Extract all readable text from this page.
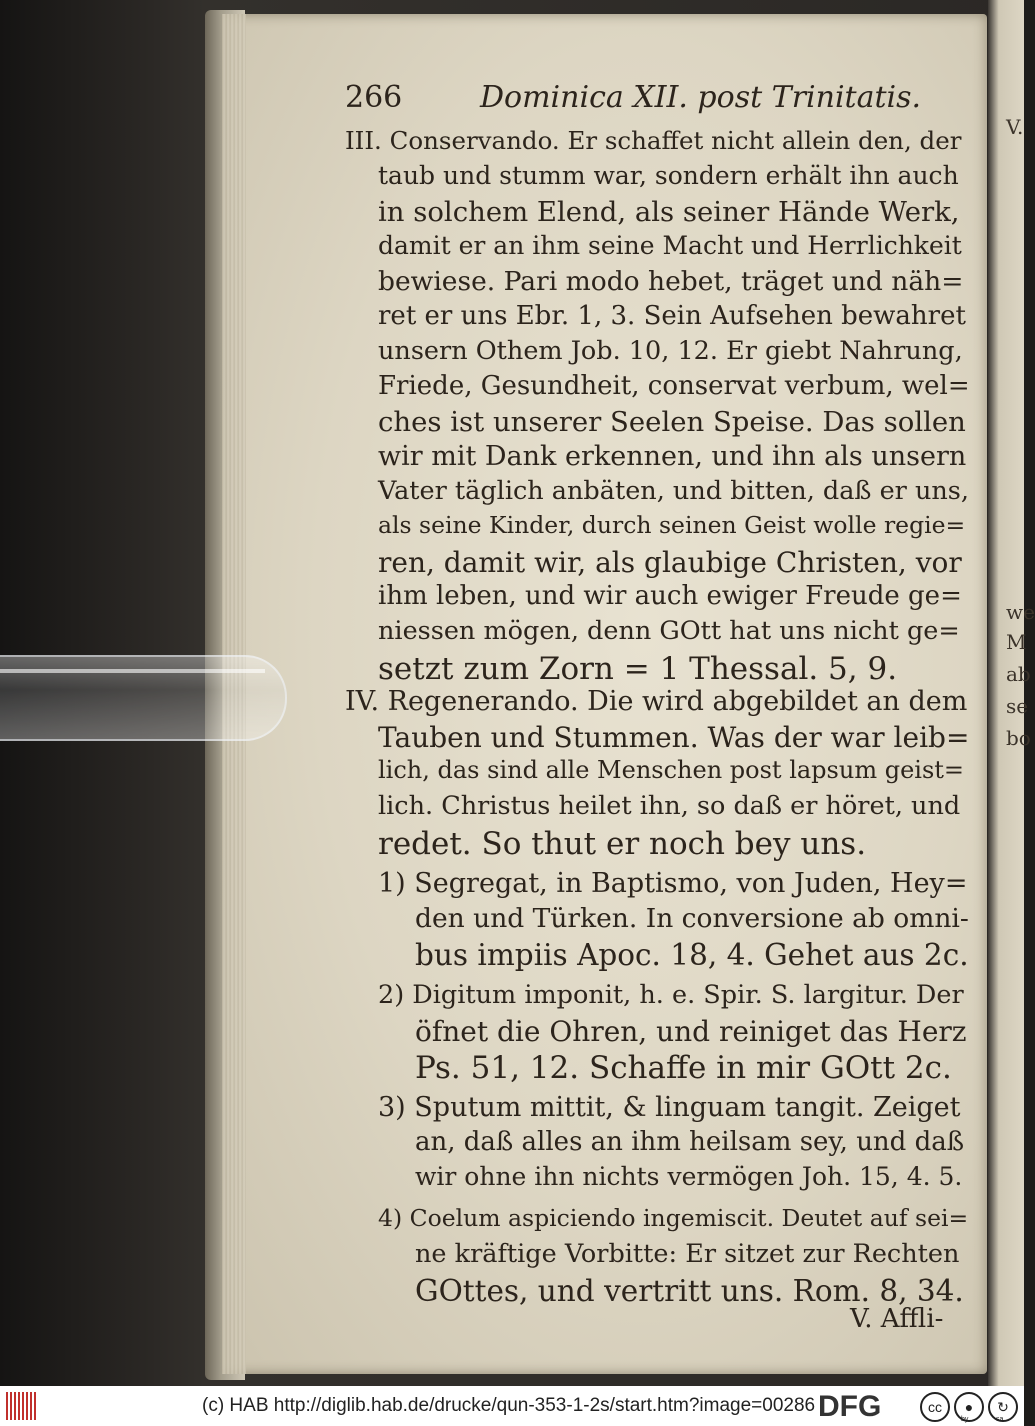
V.
we
M
ab
se
bo
266	Dominica XII. post Trinitatis.
III. Conservando. Er schaffet nicht allein den, der
taub und stumm war, sondern erhält ihn auch
in solchem Elend, als seiner Hände Werk,
damit er an ihm seine Macht und Herrlichkeit
bewiese. Pari modo hebet, träget und näh=
ret er uns Ebr. 1, 3. Sein Aufsehen bewahret
unsern Othem Job. 10, 12. Er giebt Nahrung,
Friede, Gesundheit, conservat verbum, wel=
ches ist unserer Seelen Speise. Das sollen
wir mit Dank erkennen, und ihn als unsern
Vater täglich anbäten, und bitten, daß er uns,
als seine Kinder, durch seinen Geist wolle regie=
ren, damit wir, als glaubige Christen, vor
ihm leben, und wir auch ewiger Freude ge=
niessen mögen, denn GOtt hat uns nicht ge=
setzt zum Zorn = 1 Thessal. 5, 9.
IV. Regenerando. Die wird abgebildet an dem
Tauben und Stummen. Was der war leib=
lich, das sind alle Menschen post lapsum geist=
lich. Christus heilet ihn, so daß er höret, und
redet. So thut er noch bey uns.
1) Segregat, in Baptismo, von Juden, Hey=
den und Türken. In conversione ab omni-
bus impiis Apoc. 18, 4. Gehet aus 2c.
2) Digitum imponit, h. e. Spir. S. largitur. Der
öfnet die Ohren, und reiniget das Herz
Ps. 51, 12. Schaffe in mir GOtt 2c.
3) Sputum mittit, & linguam tangit. Zeiget
an, daß alles an ihm heilsam sey, und daß
wir ohne ihn nichts vermögen Joh. 15, 4. 5.
4) Coelum aspiciendo ingemiscit. Deutet auf sei=
ne kräftige Vorbitte: Er sitzet zur Rechten
GOttes, und vertritt uns. Rom. 8, 34.
V. Affli-
(c) HAB http://diglib.hab.de/drucke/qun-353-1-2s/start.htm?image=00286 DFG	cc	●
by
↻
sa
